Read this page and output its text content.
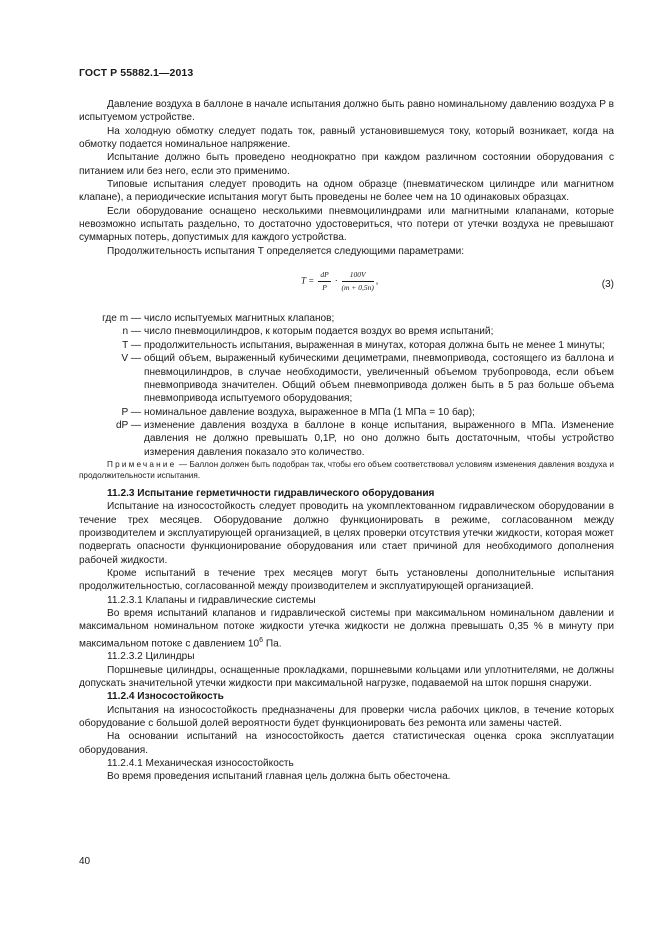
ГОСТ Р 55882.1—2013

Давление воздуха в баллоне в начале испытания должно быть равно номинальному давлению воздуха P в испытуемом устройстве.

На холодную обмотку следует подать ток, равный установившемуся току, который возникает, когда на обмотку подается номинальное напряжение.

Испытание должно быть проведено неоднократно при каждом различном состоянии оборудования с питанием или без него, если это применимо.

Типовые испытания следует проводить на одном образце (пневматическом цилиндре или магнитном клапане), а периодические испытания могут быть проведены не более чем на 10 одинаковых образцах.

Если оборудование оснащено несколькими пневмоцилиндрами или магнитными клапанами, которые невозможно испытать раздельно, то достаточно удостовериться, что потери от утечки воздуха не превышают суммарных потерь, допустимых для каждого устройства.

Продолжительность испытания T определяется следующими параметрами:

$T = \frac{dP}{P} \cdot \frac{100V}{(m + 0,5n)}$ ,	(3)
где m — число испытуемых магнитных клапанов;
n — число пневмоцилиндров, к которым подается воздух во время испытаний;
T — продолжительность испытания, выраженная в минутах, которая должна быть не менее 1 минуты;
V — общий объем, выраженный кубическими дециметрами, пневмопривода, состоящего из баллона и пневмоцилиндров, в случае необходимости, увеличенный объемом трубопровода, если объем пневмопривода значителен. Общий объем пневмопривода должен быть в 5 раз больше объема пневмопривода испытуемого оборудования;
P — номинальное давление воздуха, выраженное в МПа (1 МПа = 10 бар);
dP — изменение давления воздуха в баллоне в конце испытания, выраженного в МПа. Изменение давления не должно превышать 0,1P, но оно должно быть достаточным, чтобы устройство измерения давления показало это количество.

Примечание — Баллон должен быть подобран так, чтобы его объем соответствовал условиям изменения давления воздуха и продолжительности испытания.

11.2.3 Испытание герметичности гидравлического оборудования

Испытание на износостойкость следует проводить на укомплектованном гидравлическом оборудовании в течение трех месяцев. Оборудование должно функционировать в режиме, согласованном между производителем и эксплуатирующей организацией, в целях проверки отсутствия утечки жидкости, которая может подвергать опасности функционирование оборудования или стает причиной для необходимого дополнения рабочей жидкости.

Кроме испытаний в течение трех месяцев могут быть установлены дополнительные испытания продолжительностью, согласованной между производителем и эксплуатирующей организацией.

11.2.3.1 Клапаны и гидравлические системы

Во время испытаний клапанов и гидравлической системы при максимальном номинальном давлении и максимальном номинальном потоке жидкости утечка жидкости не должна превышать 0,35 % в минуту при максимальном потоке с давлением $10^6$ Па.

11.2.3.2 Цилиндры

Поршневые цилиндры, оснащенные прокладками, поршневыми кольцами или уплотнителями, не должны допускать значительной утечки жидкости при максимальной нагрузке, подаваемой на шток поршня снаружи.

11.2.4 Износостойкость

Испытания на износостойкость предназначены для проверки числа рабочих циклов, в течение которых оборудование с большой долей вероятности будет функционировать без ремонта или замены частей.

На основании испытаний на износостойкость дается статистическая оценка срока эксплуатации оборудования.

11.2.4.1 Механическая износостойкость

Во время проведения испытаний главная цель должна быть обесточена.

40
